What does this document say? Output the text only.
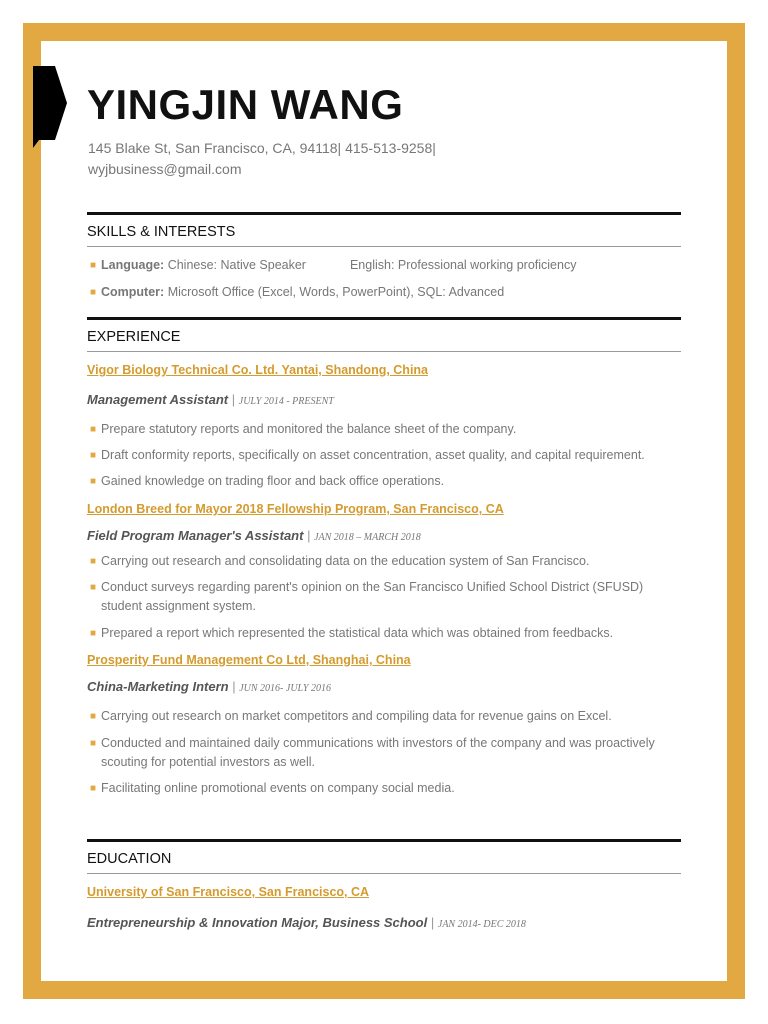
YINGJIN WANG
145 Blake St, San Francisco, CA, 94118| 415-513-9258|
wyjbusiness@gmail.com
SKILLS & INTERESTS
■ Language: Chinese: Native Speaker	English: Professional working proficiency
■ Computer: Microsoft Office (Excel, Words, PowerPoint), SQL: Advanced
EXPERIENCE
Vigor Biology Technical Co. Ltd. Yantai, Shandong, China
Management Assistant | JULY 2014 - PRESENT
■ Prepare statutory reports and monitored the balance sheet of the company.
■ Draft conformity reports, specifically on asset concentration, asset quality, and capital requirement.
■ Gained knowledge on trading floor and back office operations.
London Breed for Mayor 2018 Fellowship Program, San Francisco, CA
Field Program Manager's Assistant | JAN 2018 – MARCH 2018
■ Carrying out research and consolidating data on the education system of San Francisco.
■ Conduct surveys regarding parent's opinion on the San Francisco Unified School District (SFUSD) student assignment system.
■ Prepared a report which represented the statistical data which was obtained from feedbacks.
Prosperity Fund Management Co Ltd, Shanghai, China
China-Marketing Intern | JUN 2016- JULY 2016
■ Carrying out research on market competitors and compiling data for revenue gains on Excel.
■ Conducted and maintained daily communications with investors of the company and was proactively scouting for potential investors as well.
■ Facilitating online promotional events on company social media.
EDUCATION
University of San Francisco, San Francisco, CA
Entrepreneurship & Innovation Major, Business School | JAN 2014- DEC 2018
